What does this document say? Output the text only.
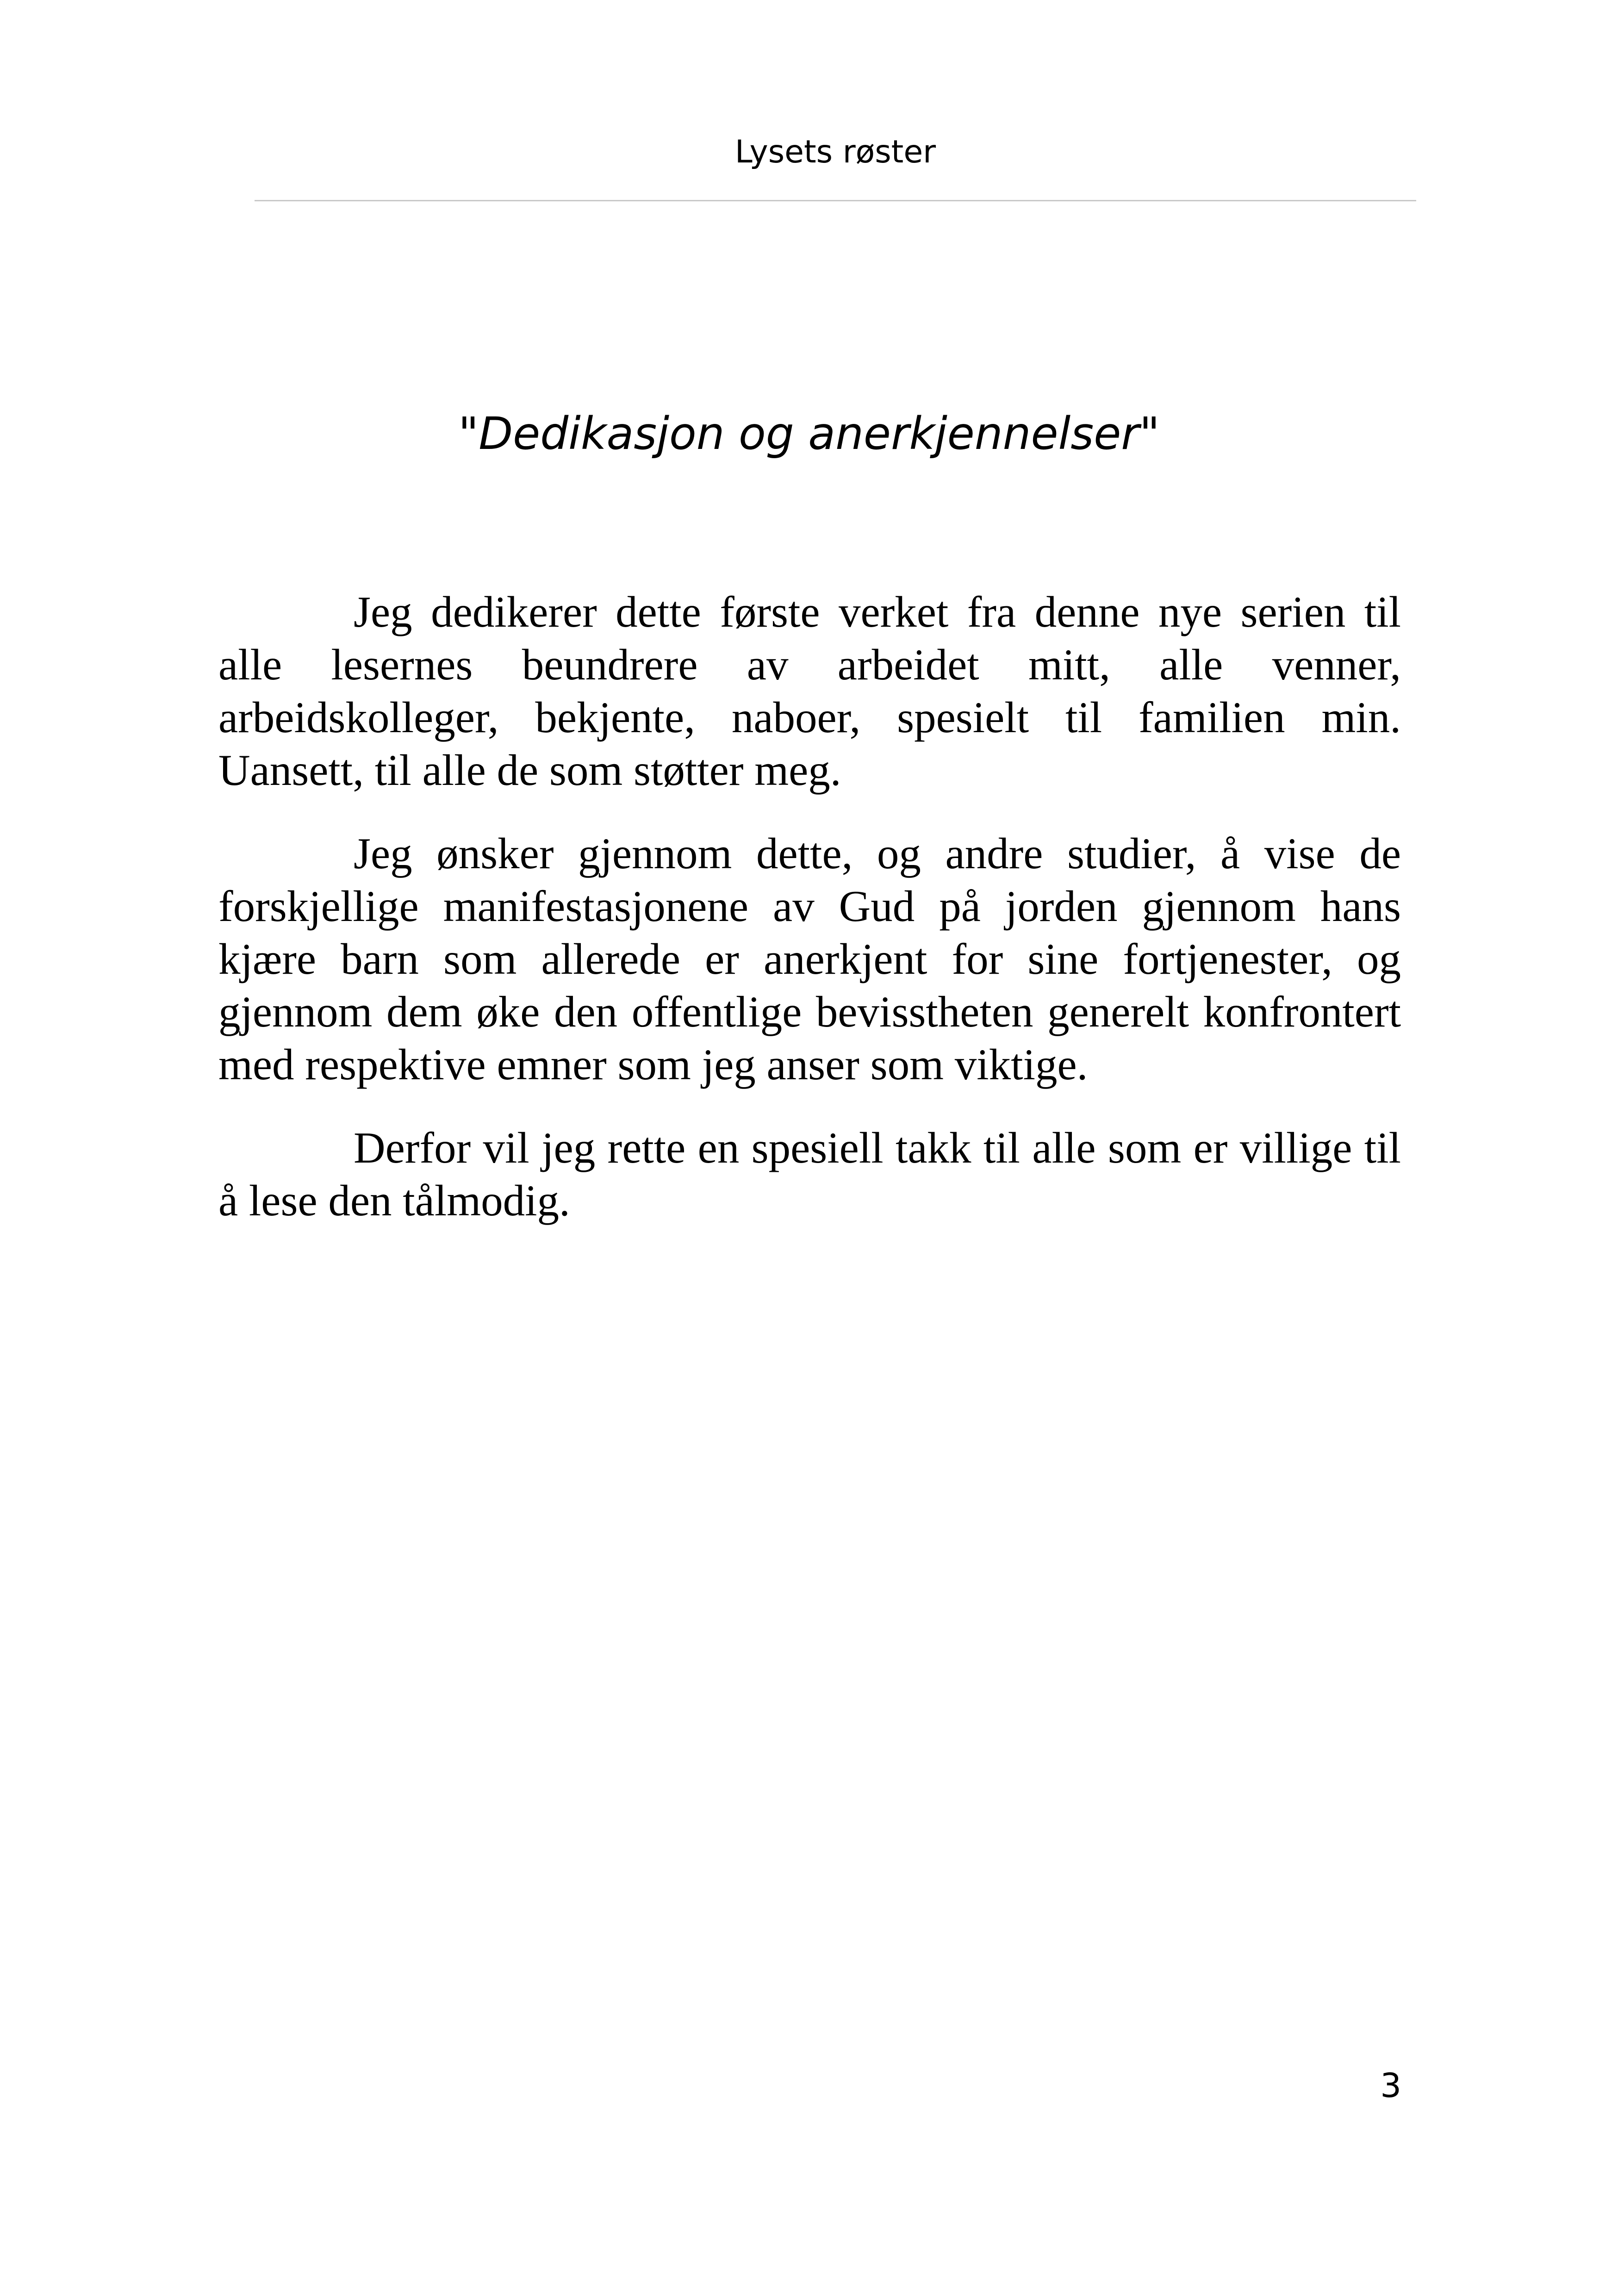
Lysets røster
"Dedikasjon og anerkjennelser"

Jeg dedikerer dette første verket fra denne nye serien til alle lesernes beundrere av arbeidet mitt, alle venner, arbeidskolleger, bekjente, naboer, spesielt til familien min. Uansett, til alle de som støtter meg.

Jeg ønsker gjennom dette, og andre studier, å vise de forskjellige manifestasjonene av Gud på jorden gjennom hans kjære barn som allerede er anerkjent for sine fortjenester, og gjennom dem øke den offentlige bevisstheten generelt konfrontert med respektive emner som jeg anser som viktige.

Derfor vil jeg rette en spesiell takk til alle som er villige til å lese den tålmodig.

3
